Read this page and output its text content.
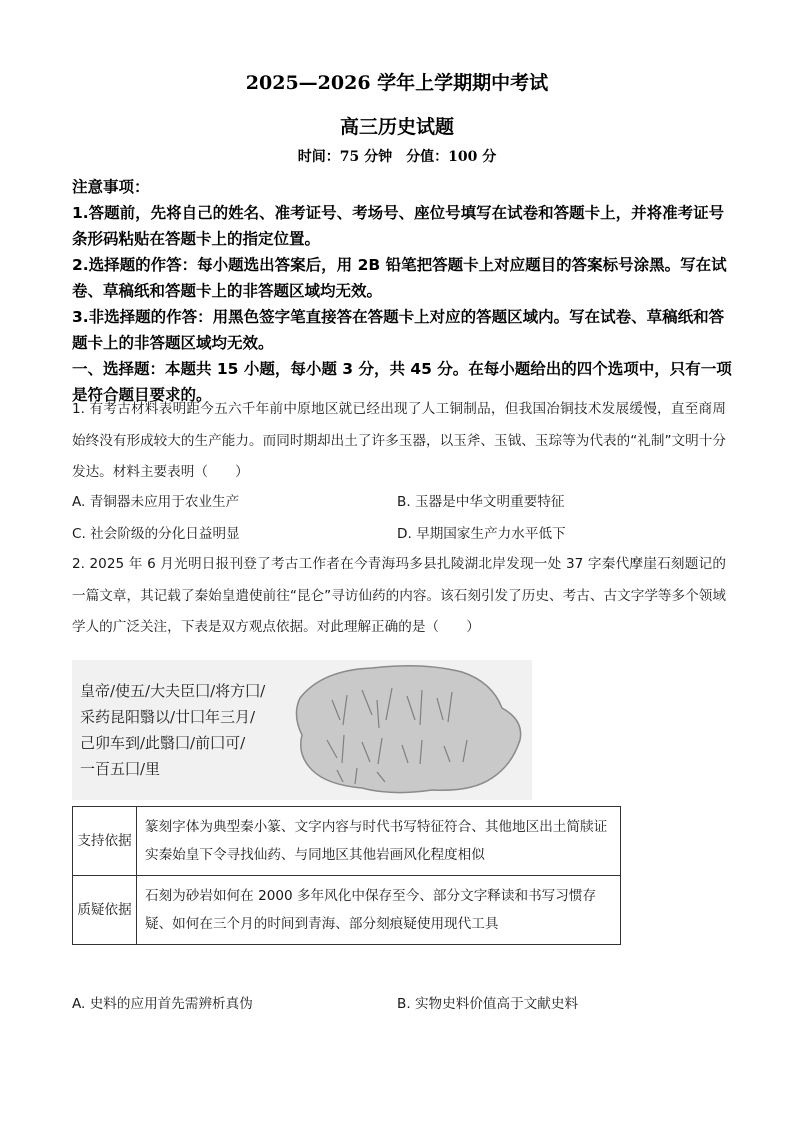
2025—2026 学年上学期期中考试
高三历史试题
时间：75 分钟　分值：100 分

注意事项：

1.答题前，先将自己的姓名、准考证号、考场号、座位号填写在试卷和答题卡上，并将准考证号条形码粘贴在答题卡上的指定位置。

2.选择题的作答：每小题选出答案后，用 2B 铅笔把答题卡上对应题目的答案标号涂黑。写在试卷、草稿纸和答题卡上的非答题区域均无效。

3.非选择题的作答：用黑色签字笔直接答在答题卡上对应的答题区域内。写在试卷、草稿纸和答题卡上的非答题区域均无效。

一、选择题：本题共 15 小题，每小题 3 分，共 45 分。在每小题给出的四个选项中，只有一项是符合题目要求的。

1. 有考古材料表明距今五六千年前中原地区就已经出现了人工铜制品，但我国冶铜技术发展缓慢，直至商周始终没有形成较大的生产能力。而同时期却出土了许多玉器，以玉斧、玉钺、玉琮等为代表的“礼制”文明十分发达。材料主要表明（　　）
A. 青铜器未应用于农业生产	B. 玉器是中华文明重要特征
C. 社会阶级的分化日益明显	D. 早期国家生产力水平低下
2. 2025 年 6 月光明日报刊登了考古工作者在今青海玛多县扎陵湖北岸发现一处 37 字秦代摩崖石刻题记的一篇文章，其记载了秦始皇遣使前往“昆仑”寻访仙药的内容。该石刻引发了历史、考古、古文字学等多个领域学人的广泛关注，下表是双方观点依据。对此理解正确的是（　　）
皇帝/使五/大夫臣囗/将方囗/
采药昆阳翳以/廿囗年三月/
己卯车到/此翳囗/前囗可/
一百五囗/里
支持依据	篆刻字体为典型秦小篆、文字内容与时代书写特征符合、其他地区出土简牍证实秦始皇下令寻找仙药、与同地区其他岩画风化程度相似
质疑依据	石刻为砂岩如何在 2000 多年风化中保存至今、部分文字释读和书写习惯存疑、如何在三个月的时间到青海、部分刻痕疑使用现代工具
A. 史料的应用首先需辨析真伪	B. 实物史料价值高于文献史料
